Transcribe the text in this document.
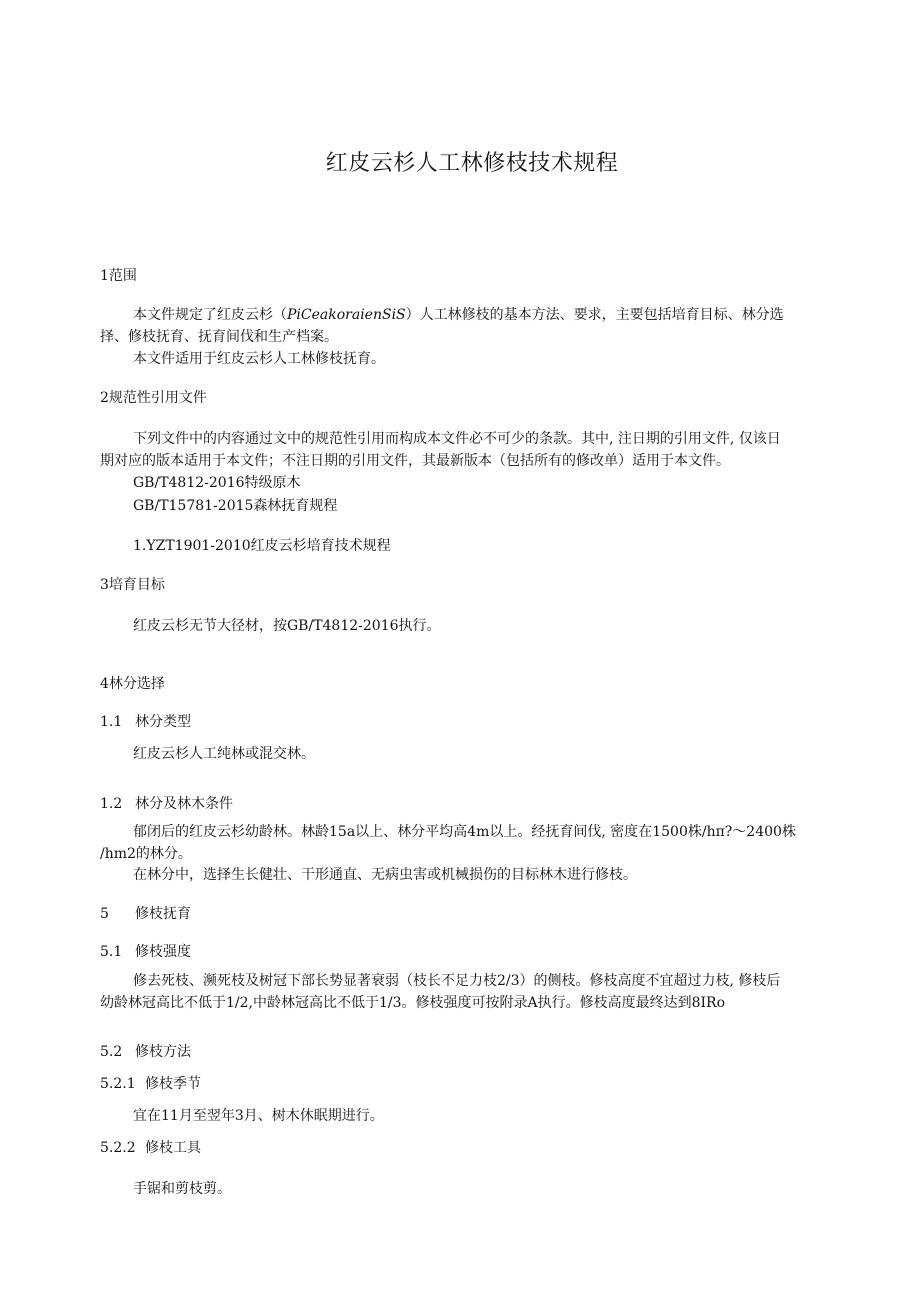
红皮云杉人工林修枝技术规程
1范围
本文件规定了红皮云杉（PiCeakoraienSiS）人工林修枝的基本方法、要求，主要包括培育目标、林分选
择、修枝抚育、抚育间伐和生产档案。
本文件适用于红皮云杉人工林修枝抚育。
2规范性引用文件
下列文件中的内容通过文中的规范性引用而构成本文件必不可少的条款。其中, 注日期的引用文件, 仅该日
期对应的版本适用于本文件；不注日期的引用文件，其最新版本（包括所有的修改单）适用于本文件。
GB/T4812-2016特级原木
GB/T15781-2015森林抚育规程
1.YZT1901-2010红皮云杉培育技术规程
3培育目标
红皮云杉无节大径材，按GB/T4812-2016执行。
4林分选择
1.1 林分类型
红皮云杉人工纯林或混交林。
1.2 林分及林木条件
郁闭后的红皮云杉幼龄林。林龄15a以上、林分平均高4m以上。经抚育间伐, 密度在1500株/hπ?～2400株
/hm2的林分。
在林分中，选择生长健壮、干形通直、无病虫害或机械损伤的目标林木进行修枝。
5 修枝抚育
5.1 修枝强度
修去死枝、濒死枝及树冠下部长势显著衰弱（枝长不足力枝2/3）的侧枝。修枝高度不宜超过力枝, 修枝后
幼龄林冠高比不低于1/2,中龄林冠高比不低于1/3。修枝强度可按附录A执行。修枝高度最终达到8IRo
5.2 修枝方法
5.2.1 修枝季节
宜在11月至翌年3月、树木休眠期进行。
5.2.2 修枝工具
手锯和剪枝剪。
